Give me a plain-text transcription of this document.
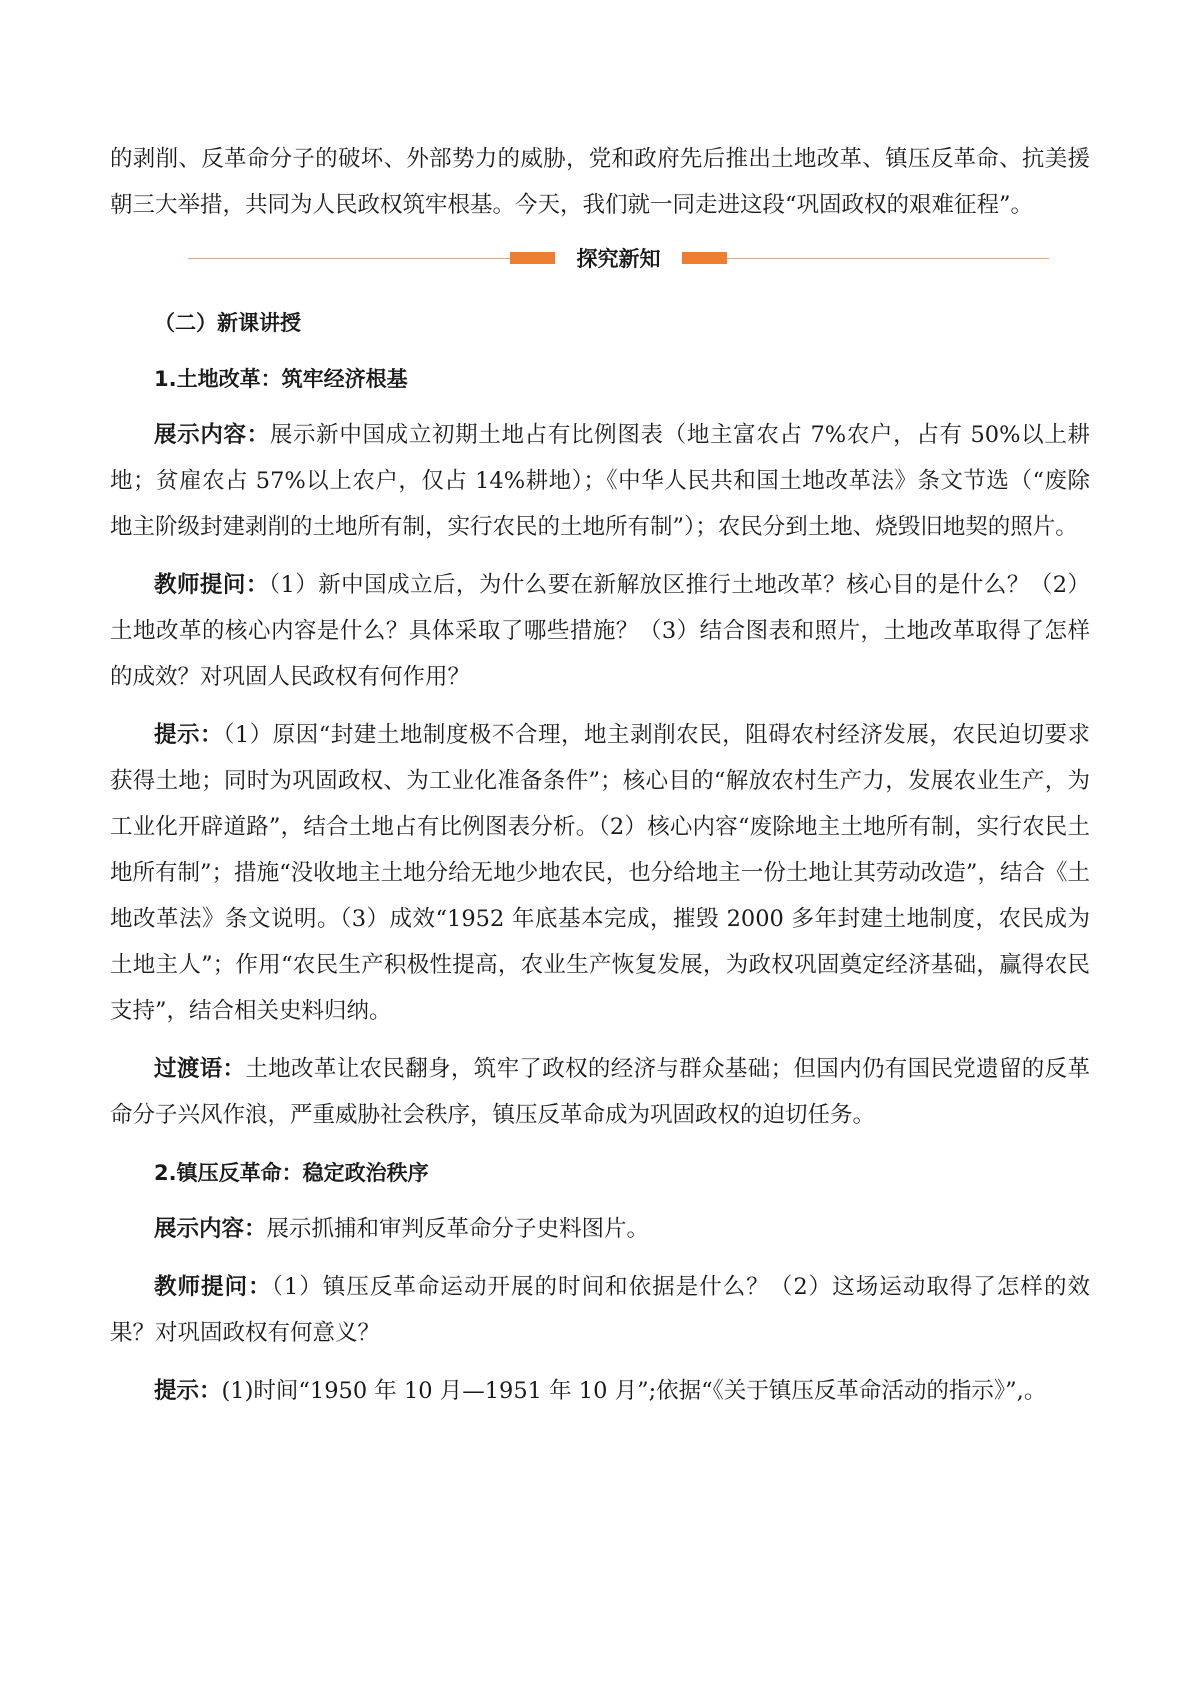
的剥削、反革命分子的破坏、外部势力的威胁，党和政府先后推出土地改革、镇压反革命、抗美援朝三大举措，共同为人民政权筑牢根基。今天，我们就一同走进这段“巩固政权的艰难征程”。

探究新知
（二）新课讲授
1.土地改革：筑牢经济根基

展示内容：展示新中国成立初期土地占有比例图表（地主富农占 7%农户，占有 50%以上耕地；贫雇农占 57%以上农户，仅占 14%耕地）；《中华人民共和国土地改革法》条文节选（“废除地主阶级封建剥削的土地所有制，实行农民的土地所有制”）；农民分到土地、烧毁旧地契的照片。

教师提问：（1）新中国成立后，为什么要在新解放区推行土地改革？核心目的是什么？（2）土地改革的核心内容是什么？具体采取了哪些措施？（3）结合图表和照片，土地改革取得了怎样的成效？对巩固人民政权有何作用？

提示：（1）原因“封建土地制度极不合理，地主剥削农民，阻碍农村经济发展，农民迫切要求获得土地；同时为巩固政权、为工业化准备条件”；核心目的“解放农村生产力，发展农业生产，为工业化开辟道路”，结合土地占有比例图表分析。（2）核心内容“废除地主土地所有制，实行农民土地所有制”；措施“没收地主土地分给无地少地农民，也分给地主一份土地让其劳动改造”，结合《土地改革法》条文说明。（3）成效“1952 年底基本完成，摧毁 2000 多年封建土地制度，农民成为土地主人”；作用“农民生产积极性提高，农业生产恢复发展，为政权巩固奠定经济基础，赢得农民支持”，结合相关史料归纳。

过渡语：土地改革让农民翻身，筑牢了政权的经济与群众基础；但国内仍有国民党遗留的反革命分子兴风作浪，严重威胁社会秩序，镇压反革命成为巩固政权的迫切任务。

2.镇压反革命：稳定政治秩序

展示内容：展示抓捕和审判反革命分子史料图片。

教师提问：（1）镇压反革命运动开展的时间和依据是什么？（2）这场运动取得了怎样的效果？对巩固政权有何意义？

提示：(1)时间“1950 年 10 月—1951 年 10 月”;依据“《关于镇压反革命活动的指示》”,。
